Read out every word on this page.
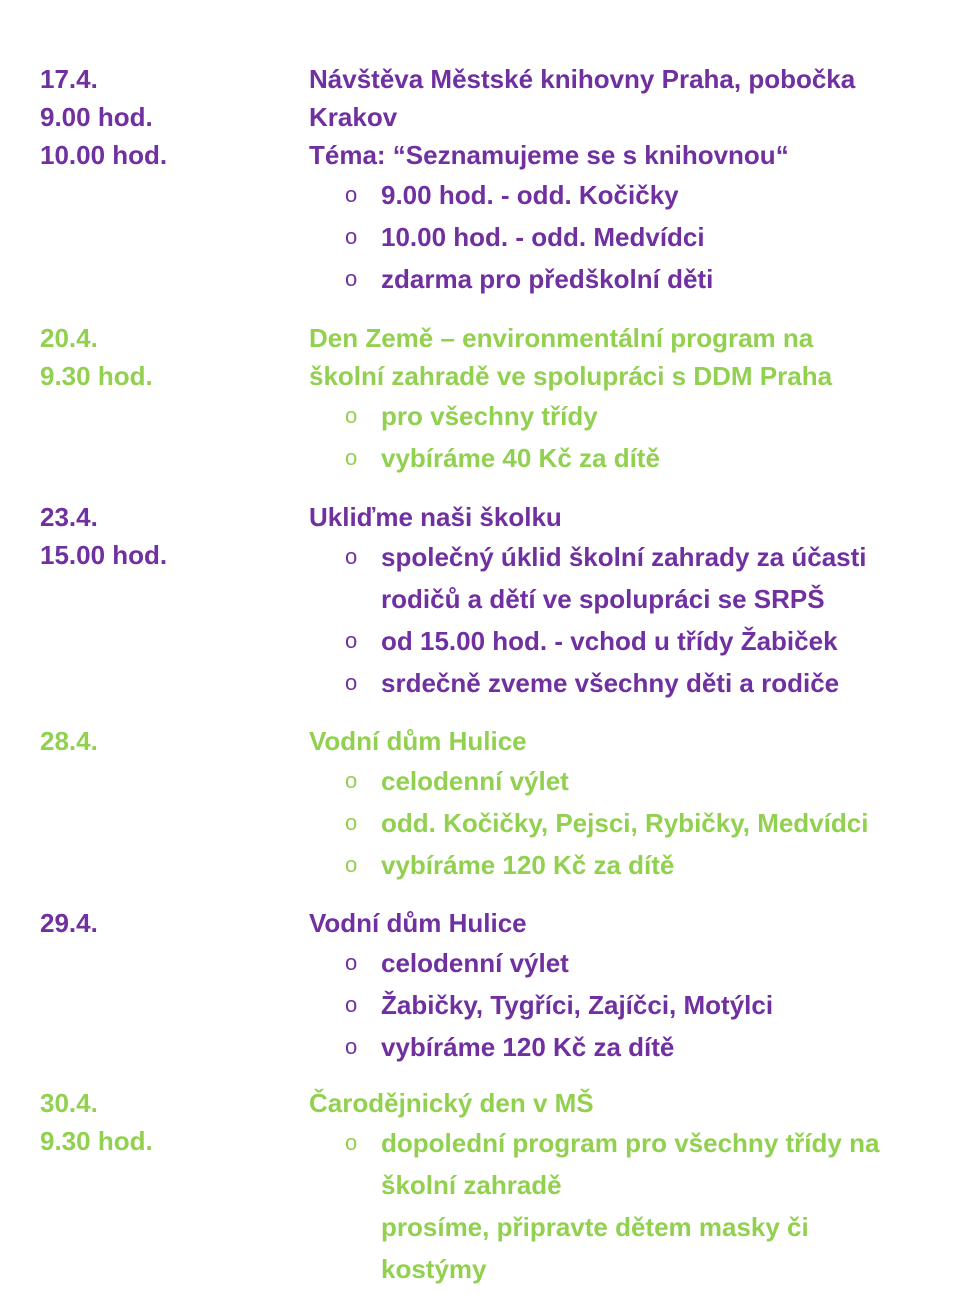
17.4.
9.00 hod.
10.00 hod.
Návštěva Městské knihovny Praha, pobočka
Krakov
Téma: “Seznamujeme se s knihovnou“
o 9.00 hod. - odd. Kočičky
o 10.00 hod. - odd. Medvídci
o zdarma pro předškolní děti
20.4.
9.30 hod.
Den Země – environmentální program na
školní zahradě ve spolupráci s DDM Praha
o pro všechny třídy
o vybíráme 40 Kč za dítě
23.4.
15.00 hod.
Ukliďme naši školku
o společný úklid školní zahrady za účasti
rodičů a dětí ve spolupráci se SRPŠ
o od 15.00 hod. - vchod u třídy Žabiček
o srdečně zveme všechny děti a rodiče
28.4.	Vodní dům Hulice
o celodenní výlet
o odd. Kočičky, Pejsci, Rybičky, Medvídci
o vybíráme 120 Kč za dítě
29.4.	Vodní dům Hulice
o celodenní výlet
o Žabičky, Tygříci, Zajíčci, Motýlci
o vybíráme 120 Kč za dítě
30.4.
9.30 hod.
Čarodějnický den v MŠ
o dopolední program pro všechny třídy na
školní zahradě
prosíme, připravte dětem masky či
kostýmy
